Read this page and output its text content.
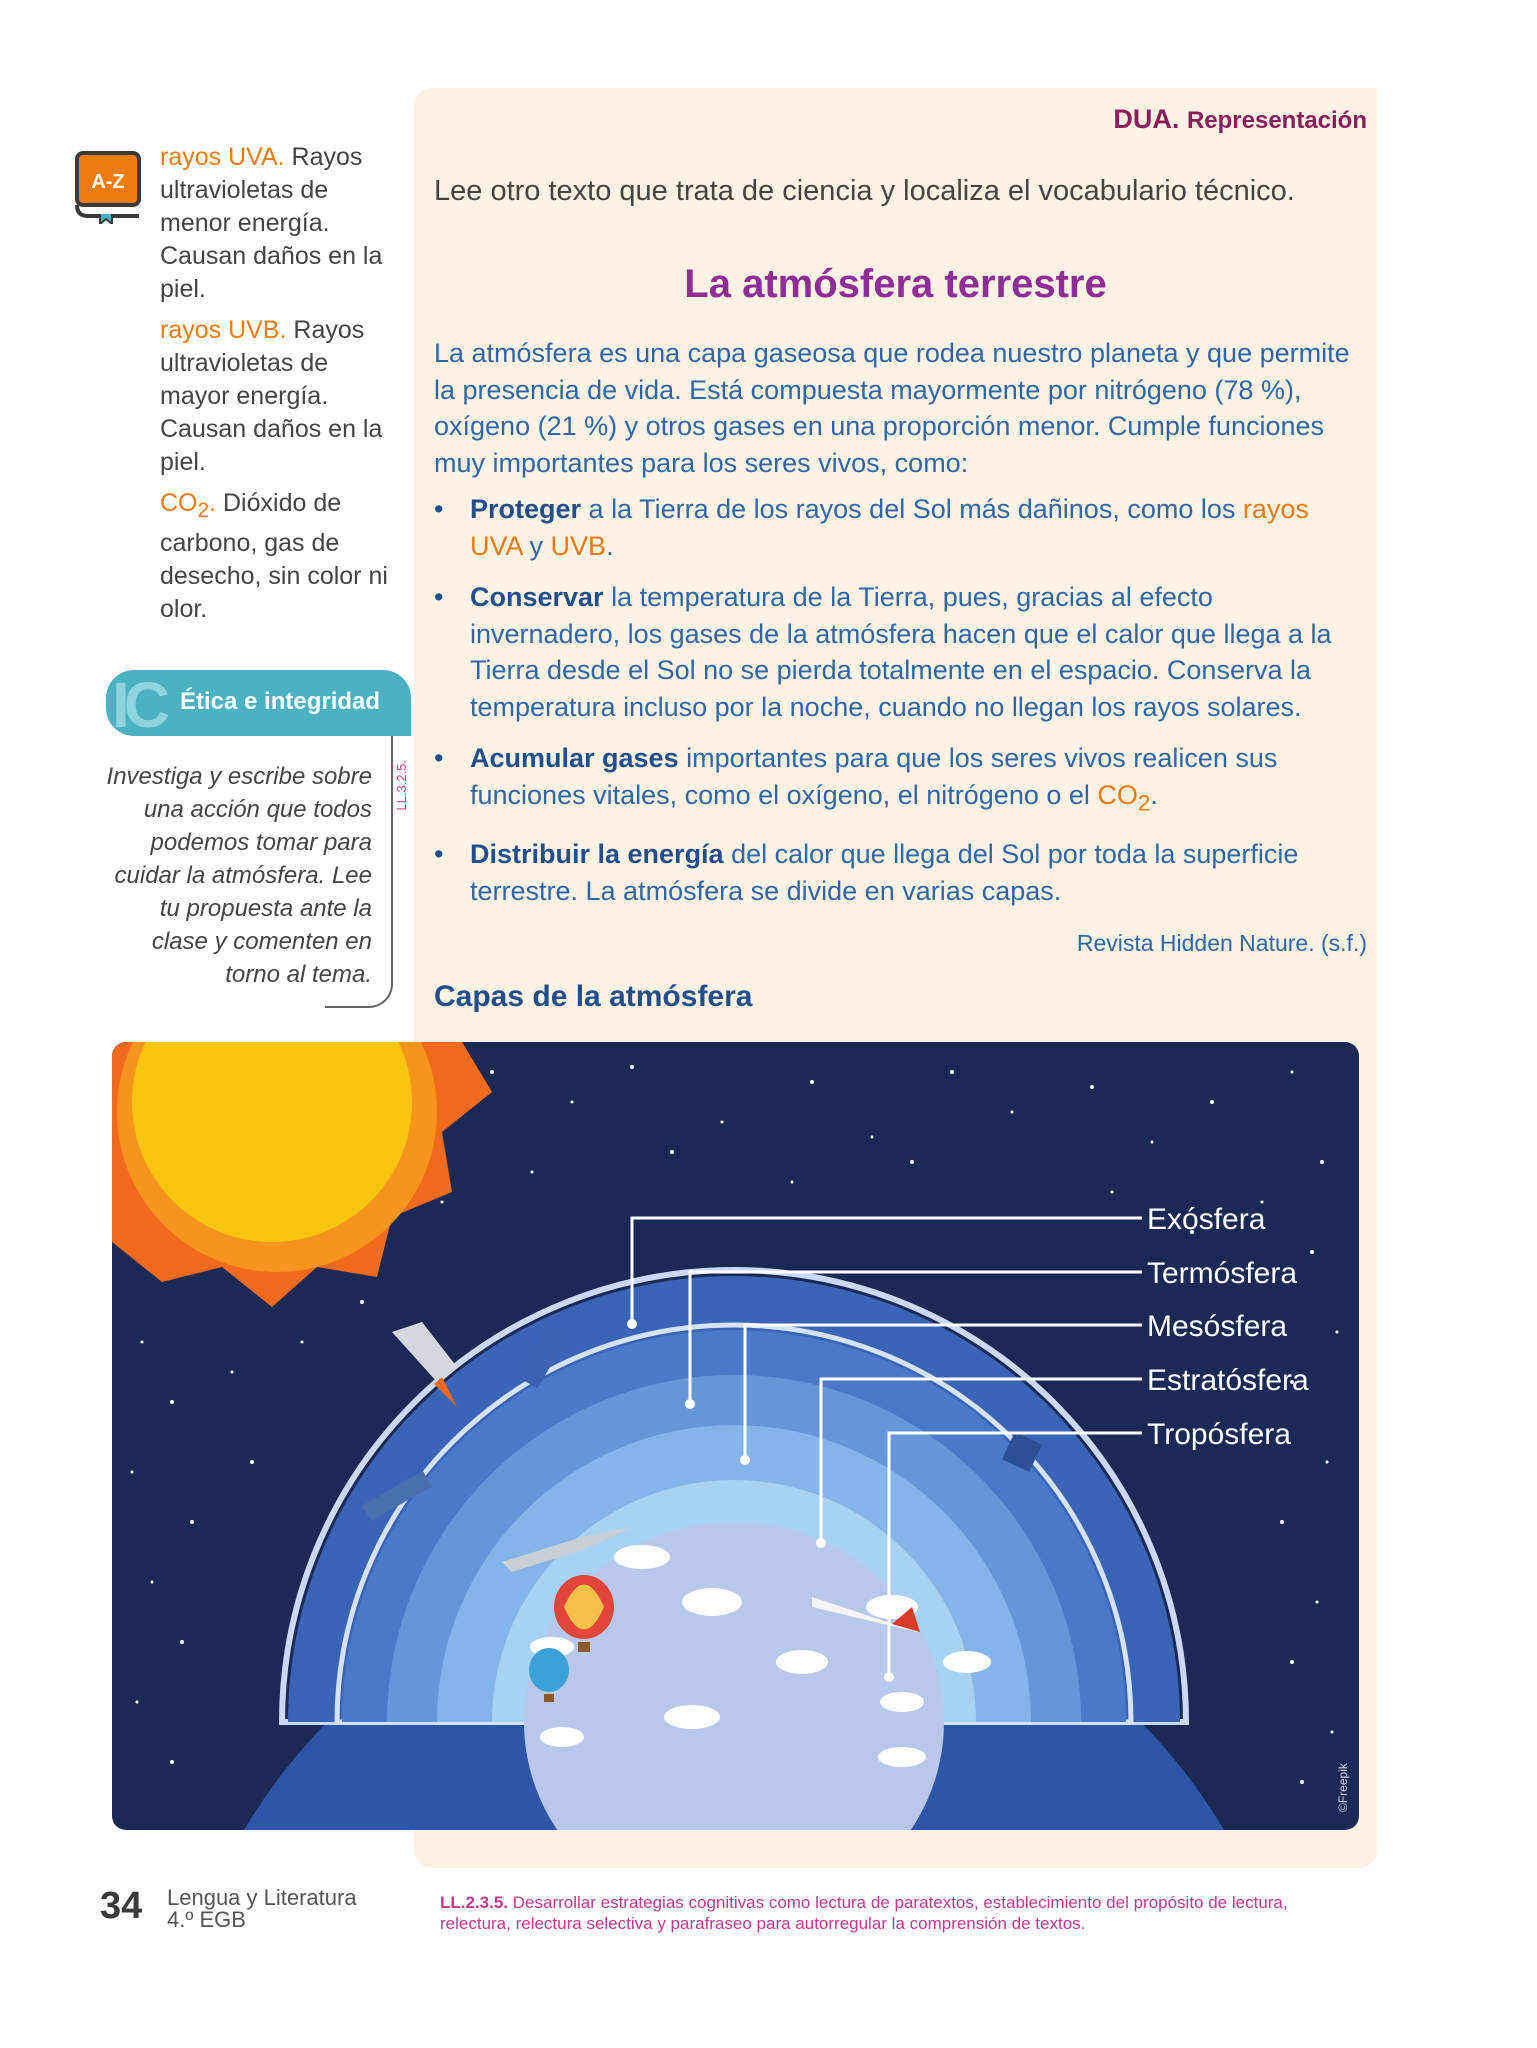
DUA. Representación
A-Z
rayos UVA. Rayos ultravioletas de menor energía. Causan daños en la piel.
rayos UVB. Rayos ultravioletas de mayor energía. Causan daños en la piel.
$CO_2$. Dióxido de carbono, gas de desecho, sin color ni olor.
IC Ética e integridad
LL.3.2.5.
Investiga y escribe sobre una acción que todos podemos tomar para cuidar la atmósfera. Lee tu propuesta ante la clase y comenten en torno al tema.
Lee otro texto que trata de ciencia y localiza el vocabulario técnico.
La atmósfera terrestre
La atmósfera es una capa gaseosa que rodea nuestro planeta y que permite la presencia de vida. Está compuesta mayormente por nitrógeno (78 %), oxígeno (21 %) y otros gases en una proporción menor. Cumple funciones muy importantes para los seres vivos, como:
• Proteger a la Tierra de los rayos del Sol más dañinos, como los rayos UVA y UVB.
• Conservar la temperatura de la Tierra, pues, gracias al efecto invernadero, los gases de la atmósfera hacen que el calor que llega a la Tierra desde el Sol no se pierda totalmente en el espacio. Conserva la temperatura incluso por la noche, cuando no llegan los rayos solares.
• Acumular gases importantes para que los seres vivos realicen sus funciones vitales, como el oxígeno, el nitrógeno o el $CO_2$.
• Distribuir la energía del calor que llega del Sol por toda la superficie terrestre. La atmósfera se divide en varias capas.
Revista Hidden Nature. (s.f.)
Capas de la atmósfera
Exósfera
Termósfera
Mesósfera
Estratósfera
Tropósfera
©Freepik
34 Lengua y Literatura
4.º EGB
LL.2.3.5. Desarrollar estrategias cognitivas como lectura de paratextos, establecimiento del propósito de lectura, relectura, relectura selectiva y parafraseo para autorregular la comprensión de textos.
